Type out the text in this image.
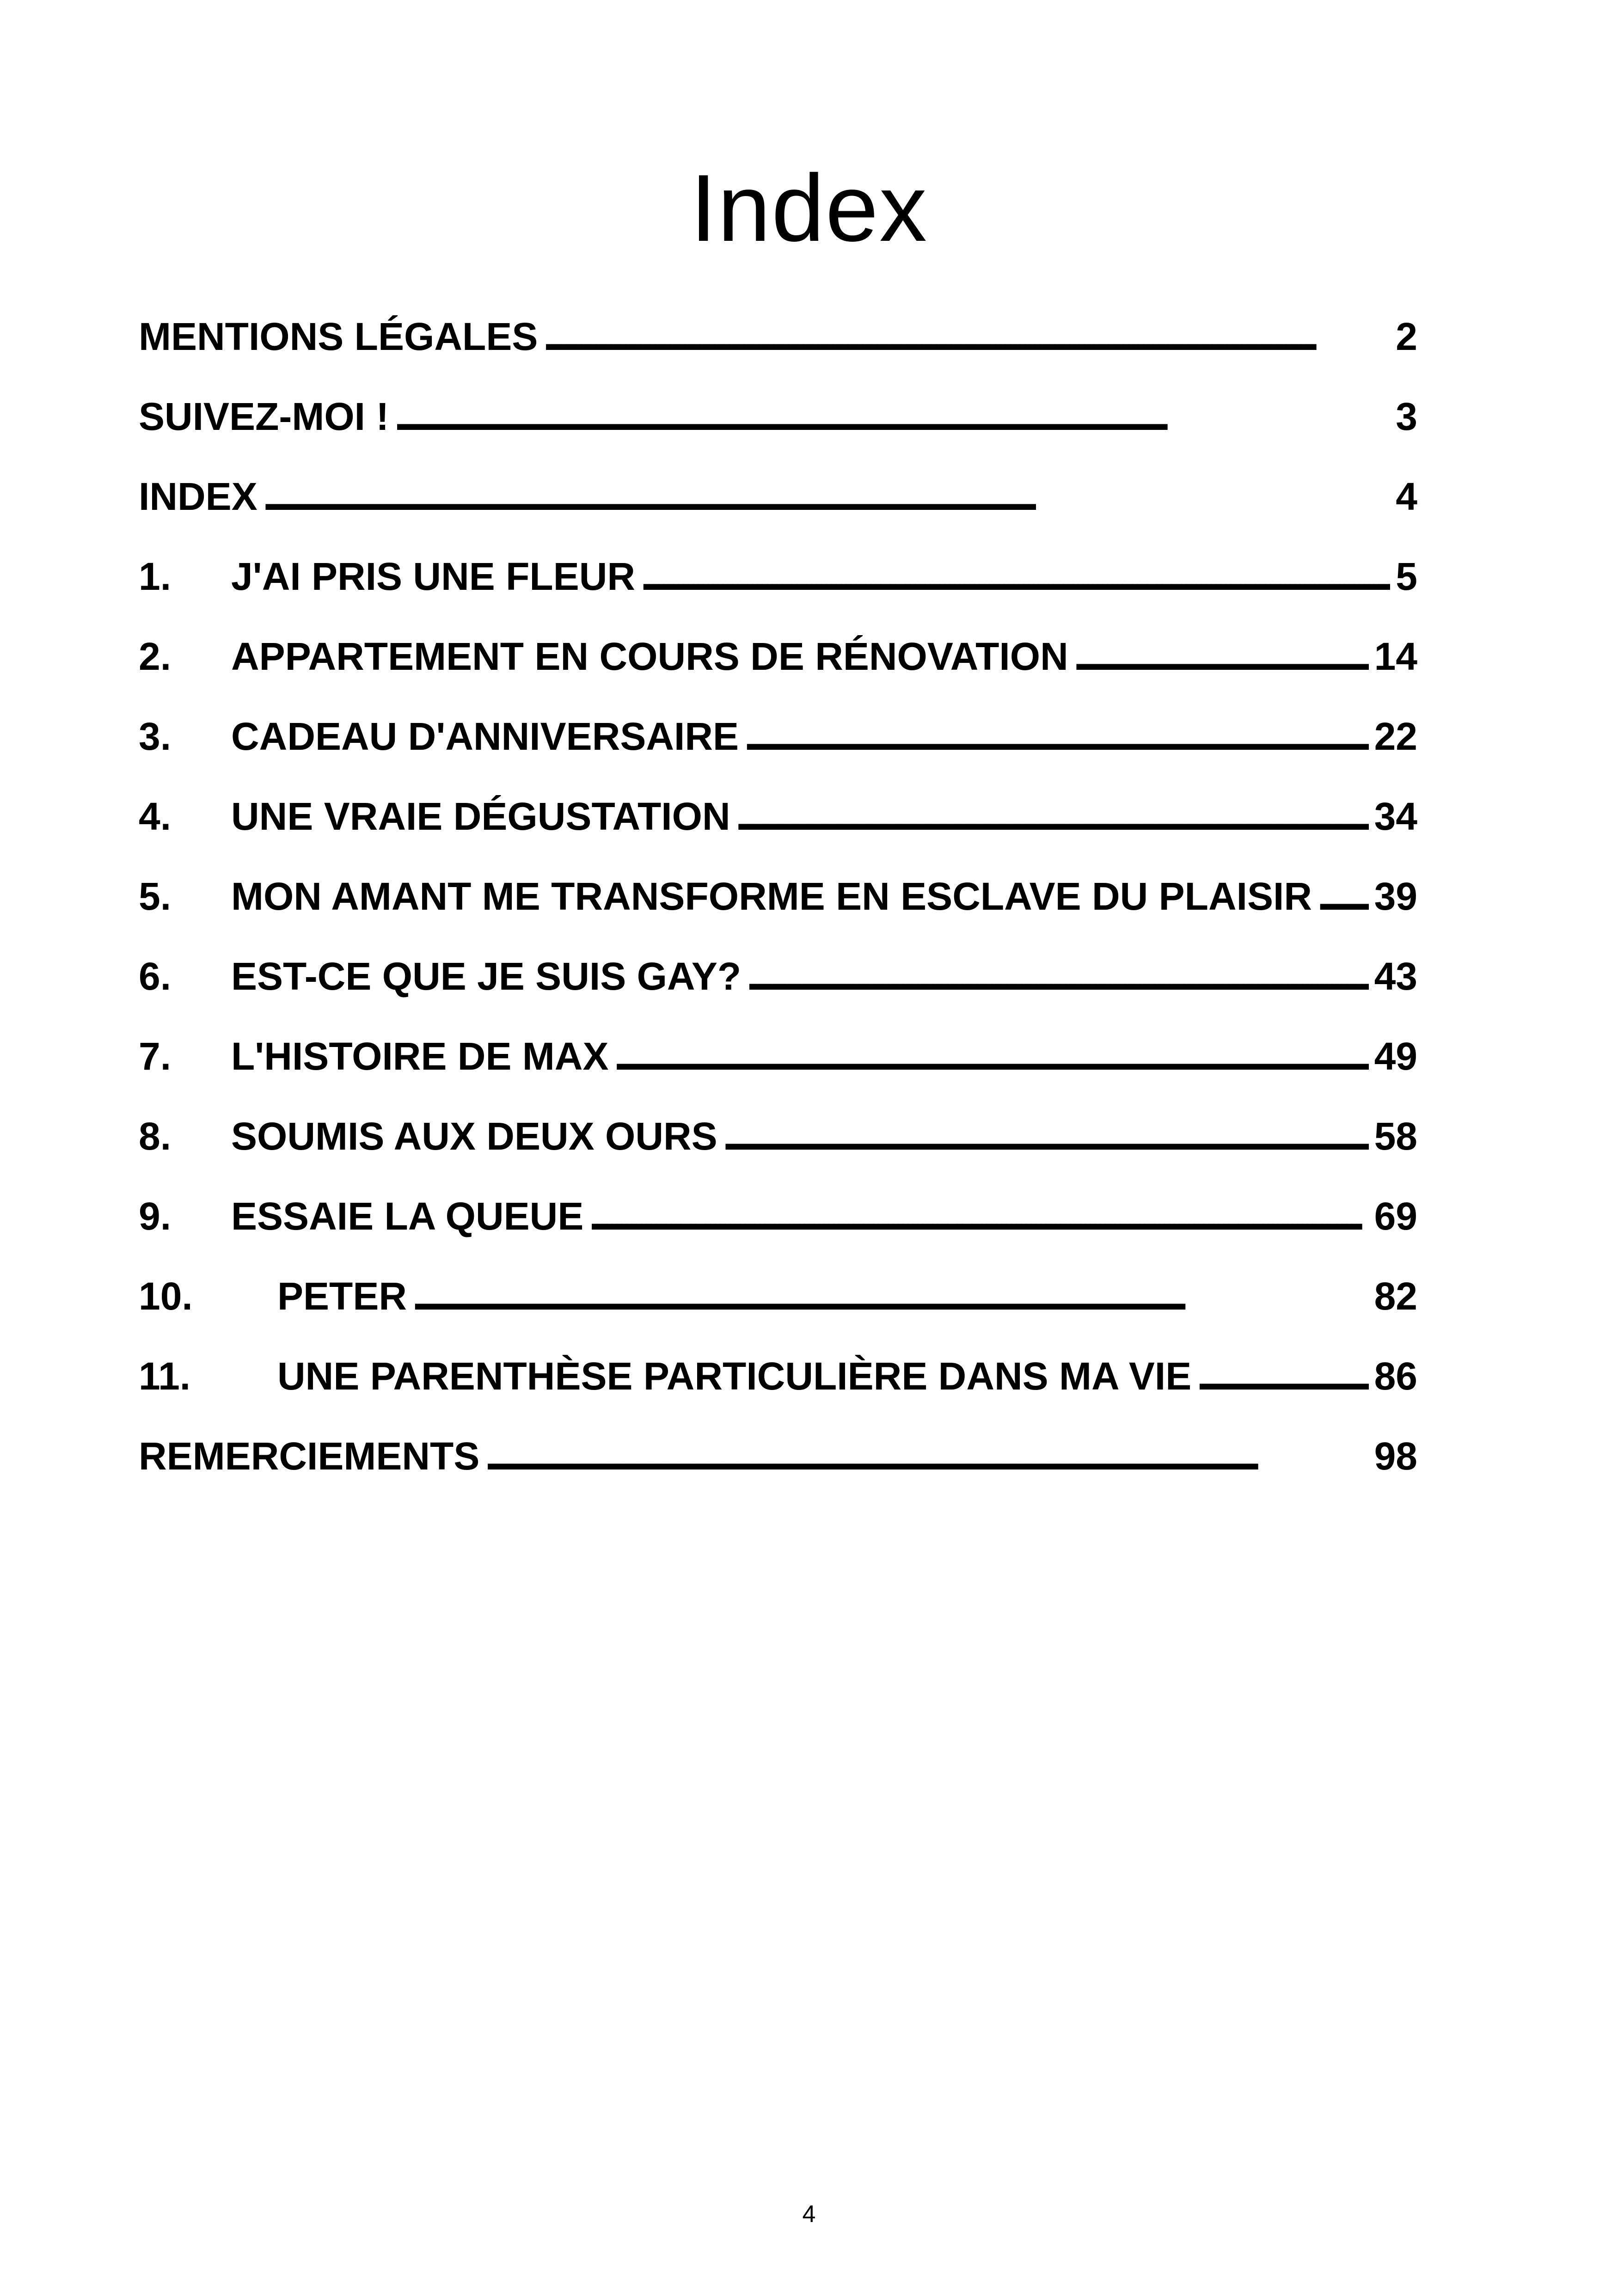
Index
MENTIONS LÉGALES . . .	2
SUIVEZ-MOI ! . . .	3
INDEX . . .	4
1.	J'AI PRIS UNE FLEUR . . .	5
2.	APPARTEMENT EN COURS DE RÉNOVATION . . .	14
3.	CADEAU D'ANNIVERSAIRE . . .	22
4.	UNE VRAIE DÉGUSTATION . . .	34
5.	MON AMANT ME TRANSFORME EN ESCLAVE DU PLAISIR . . . 39
6.	EST-CE QUE JE SUIS GAY? . . .	43
7.	L'HISTOIRE DE MAX . . .	49
8.	SOUMIS AUX DEUX OURS . . .	58
9.	ESSAIE LA QUEUE . . .	69
10.	PETER . . .	82
11.	UNE PARENTHÈSE PARTICULIÈRE DANS MA VIE . . .	86
REMERCIEMENTS . . .	98
4
